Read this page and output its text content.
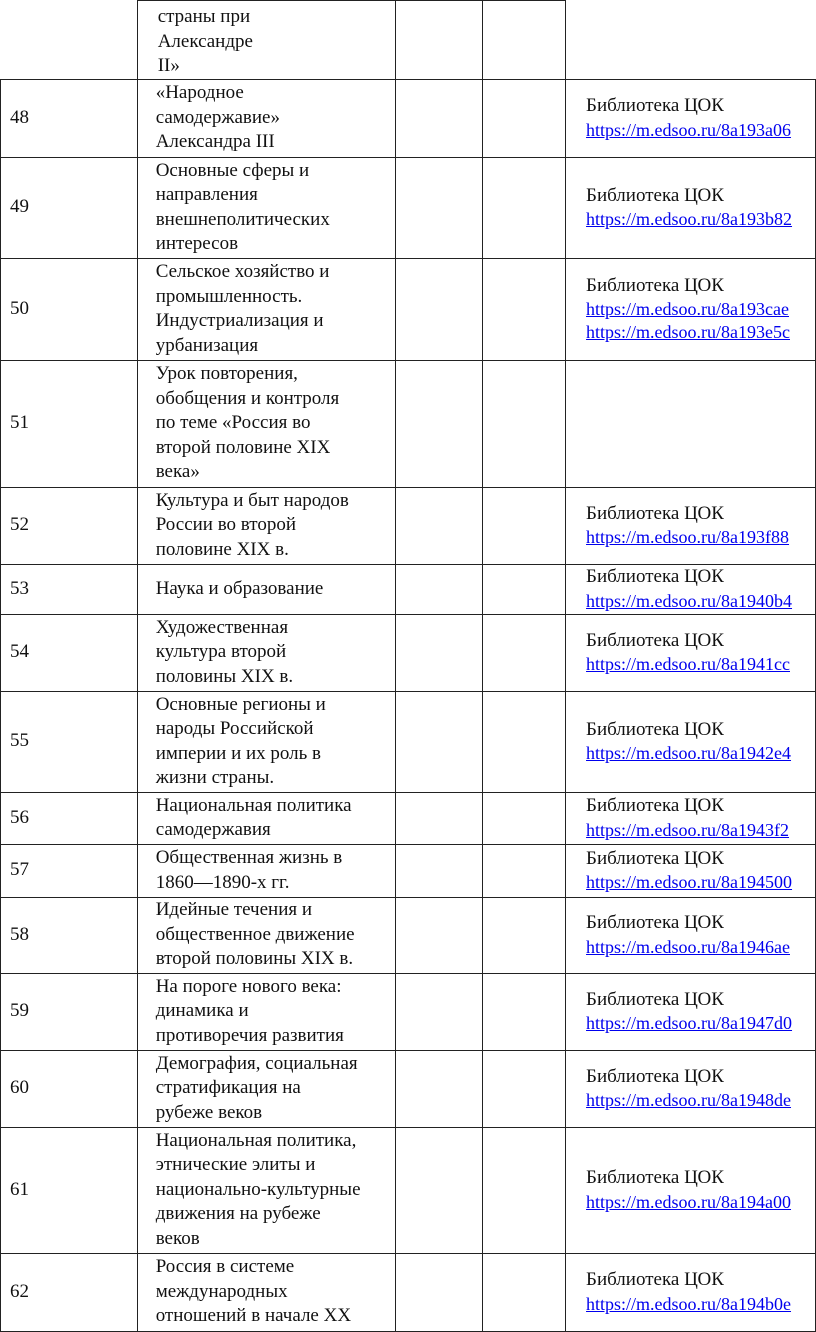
	страны при
Александре
II»			
48	«Народное
самодержавие»
Александра III			Библиотека ЦОК
https://m.edsoo.ru/8a193a06

49	Основные сферы и
направления
внешнеполитических
интересов			Библиотека ЦОК
https://m.edsoo.ru/8a193b82

50	Сельское хозяйство и
промышленность.
Индустриализация и
урбанизация			Библиотека ЦОК
https://m.edsoo.ru/8a193cae
https://m.edsoo.ru/8a193e5c

51	Урок повторения,
обобщения и контроля
по теме «Россия во
второй половине XIX
века»			
52	Культура и быт народов
России во второй
половине XIX в.			Библиотека ЦОК
https://m.edsoo.ru/8a193f88

53	Наука и образование			Библиотека ЦОК
https://m.edsoo.ru/8a1940b4

54	Художественная
культура второй
половины XIX в.			Библиотека ЦОК
https://m.edsoo.ru/8a1941cc

55	Основные регионы и
народы Российской
империи и их роль в
жизни страны.			Библиотека ЦОК
https://m.edsoo.ru/8a1942e4

56	Национальная политика
самодержавия			Библиотека ЦОК
https://m.edsoo.ru/8a1943f2

57	Общественная жизнь в
1860—1890-х гг.			Библиотека ЦОК
https://m.edsoo.ru/8a194500

58	Идейные течения и
общественное движение
второй половины XIX в.			Библиотека ЦОК
https://m.edsoo.ru/8a1946ae

59	На пороге нового века:
динамика и
противоречия развития			Библиотека ЦОК
https://m.edsoo.ru/8a1947d0

60	Демография, социальная
стратификация на
рубеже веков			Библиотека ЦОК
https://m.edsoo.ru/8a1948de

61	Национальная политика,
этнические элиты и
национально-культурные
движения на рубеже
веков			Библиотека ЦОК
https://m.edsoo.ru/8a194a00

62	Россия в системе
международных
отношений в начале XX			Библиотека ЦОК
https://m.edsoo.ru/8a194b0e
